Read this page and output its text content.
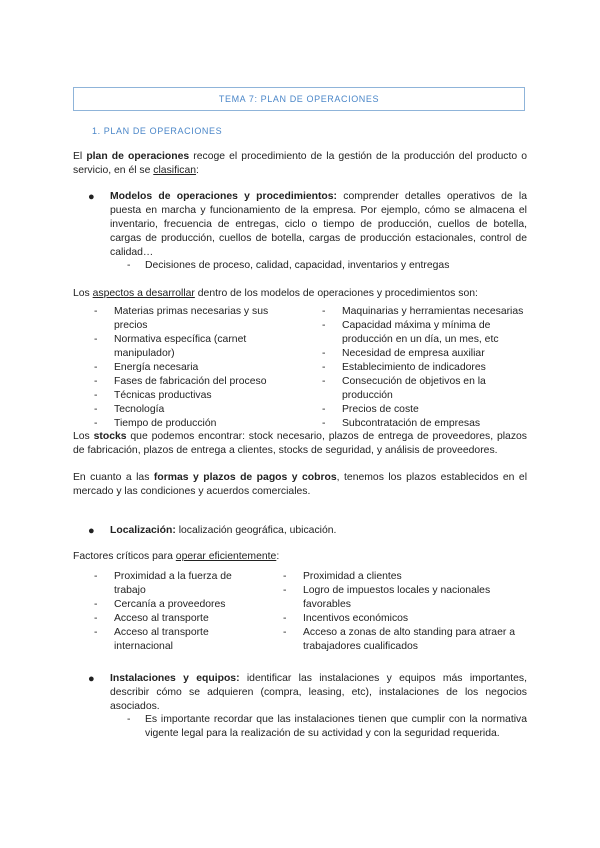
TEMA 7: PLAN DE OPERACIONES
1. PLAN DE OPERACIONES
El plan de operaciones recoge el procedimiento de la gestión de la producción del producto o servicio, en él se clasifican:
● Modelos de operaciones y procedimientos: comprender detalles operativos de la puesta en marcha y funcionamiento de la empresa. Por ejemplo, cómo se almacena el inventario, frecuencia de entregas, ciclo o tiempo de producción, cuellos de botella, cargas de producción, cuellos de botella, cargas de producción estacionales, control de calidad…
- Decisiones de proceso, calidad, capacidad, inventarios y entregas
Los aspectos a desarrollar dentro de los modelos de operaciones y procedimientos son:
- Materias primas necesarias y sus precios
- Normativa específica (carnet manipulador)
- Energía necesaria
- Fases de fabricación del proceso
- Técnicas productivas
- Tecnología
- Tiempo de producción
- Maquinarias y herramientas necesarias
- Capacidad máxima y mínima de producción en un día, un mes, etc
- Necesidad de empresa auxiliar
- Establecimiento de indicadores
- Consecución de objetivos en la producción
- Precios de coste
- Subcontratación de empresas
Los stocks que podemos encontrar: stock necesario, plazos de entrega de proveedores, plazos de fabricación, plazos de entrega a clientes, stocks de seguridad, y análisis de proveedores.
En cuanto a las formas y plazos de pagos y cobros, tenemos los plazos establecidos en el mercado y las condiciones y acuerdos comerciales.
● Localización: localización geográfica, ubicación.
Factores críticos para operar eficientemente:
- Proximidad a la fuerza de trabajo
- Cercanía a proveedores
- Acceso al transporte
- Acceso al transporte internacional
- Proximidad a clientes
- Logro de impuestos locales y nacionales favorables
- Incentivos económicos
- Acceso a zonas de alto standing para atraer a trabajadores cualificados
● Instalaciones y equipos: identificar las instalaciones y equipos más importantes, describir cómo se adquieren (compra, leasing, etc), instalaciones de los negocios asociados.
- Es importante recordar que las instalaciones tienen que cumplir con la normativa vigente legal para la realización de su actividad y con la seguridad requerida.
